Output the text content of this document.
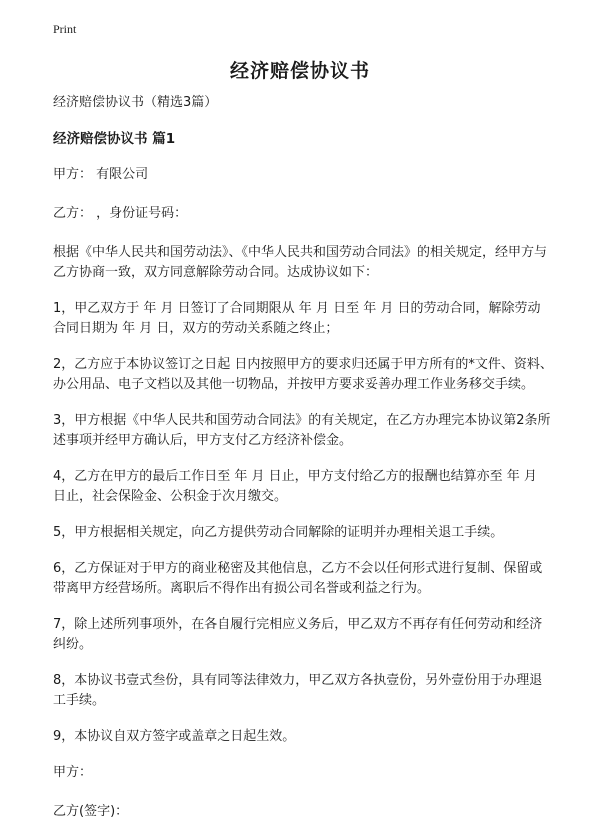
Print
经济赔偿协议书
经济赔偿协议书（精选3篇）
经济赔偿协议书 篇1
甲方： 有限公司
乙方： ，身份证号码：
根据《中华人民共和国劳动法》、《中华人民共和国劳动合同法》的相关规定，经甲方与乙方协商一致，双方同意解除劳动合同。达成协议如下：
1，甲乙双方于 年 月 日签订了合同期限从 年 月 日至 年 月 日的劳动合同，解除劳动合同日期为 年 月 日，双方的劳动关系随之终止；
2，乙方应于本协议签订之日起 日内按照甲方的要求归还属于甲方所有的*文件、资料、办公用品、电子文档以及其他一切物品，并按甲方要求妥善办理工作业务移交手续。
3，甲方根据《中华人民共和国劳动合同法》的有关规定，在乙方办理完本协议第2条所述事项并经甲方确认后，甲方支付乙方经济补偿金。
4，乙方在甲方的最后工作日至 年 月 日止，甲方支付给乙方的报酬也结算亦至 年 月 日止，社会保险金、公积金于次月缴交。
5，甲方根据相关规定，向乙方提供劳动合同解除的证明并办理相关退工手续。
6，乙方保证对于甲方的商业秘密及其他信息，乙方不会以任何形式进行复制、保留或带离甲方经营场所。离职后不得作出有损公司名誉或利益之行为。
7，除上述所列事项外，在各自履行完相应义务后，甲乙双方不再存有任何劳动和经济纠纷。
8，本协议书壹式叁份，具有同等法律效力，甲乙双方各执壹份，另外壹份用于办理退工手续。
9，本协议自双方签字或盖章之日起生效。
甲方：
乙方(签字)：
